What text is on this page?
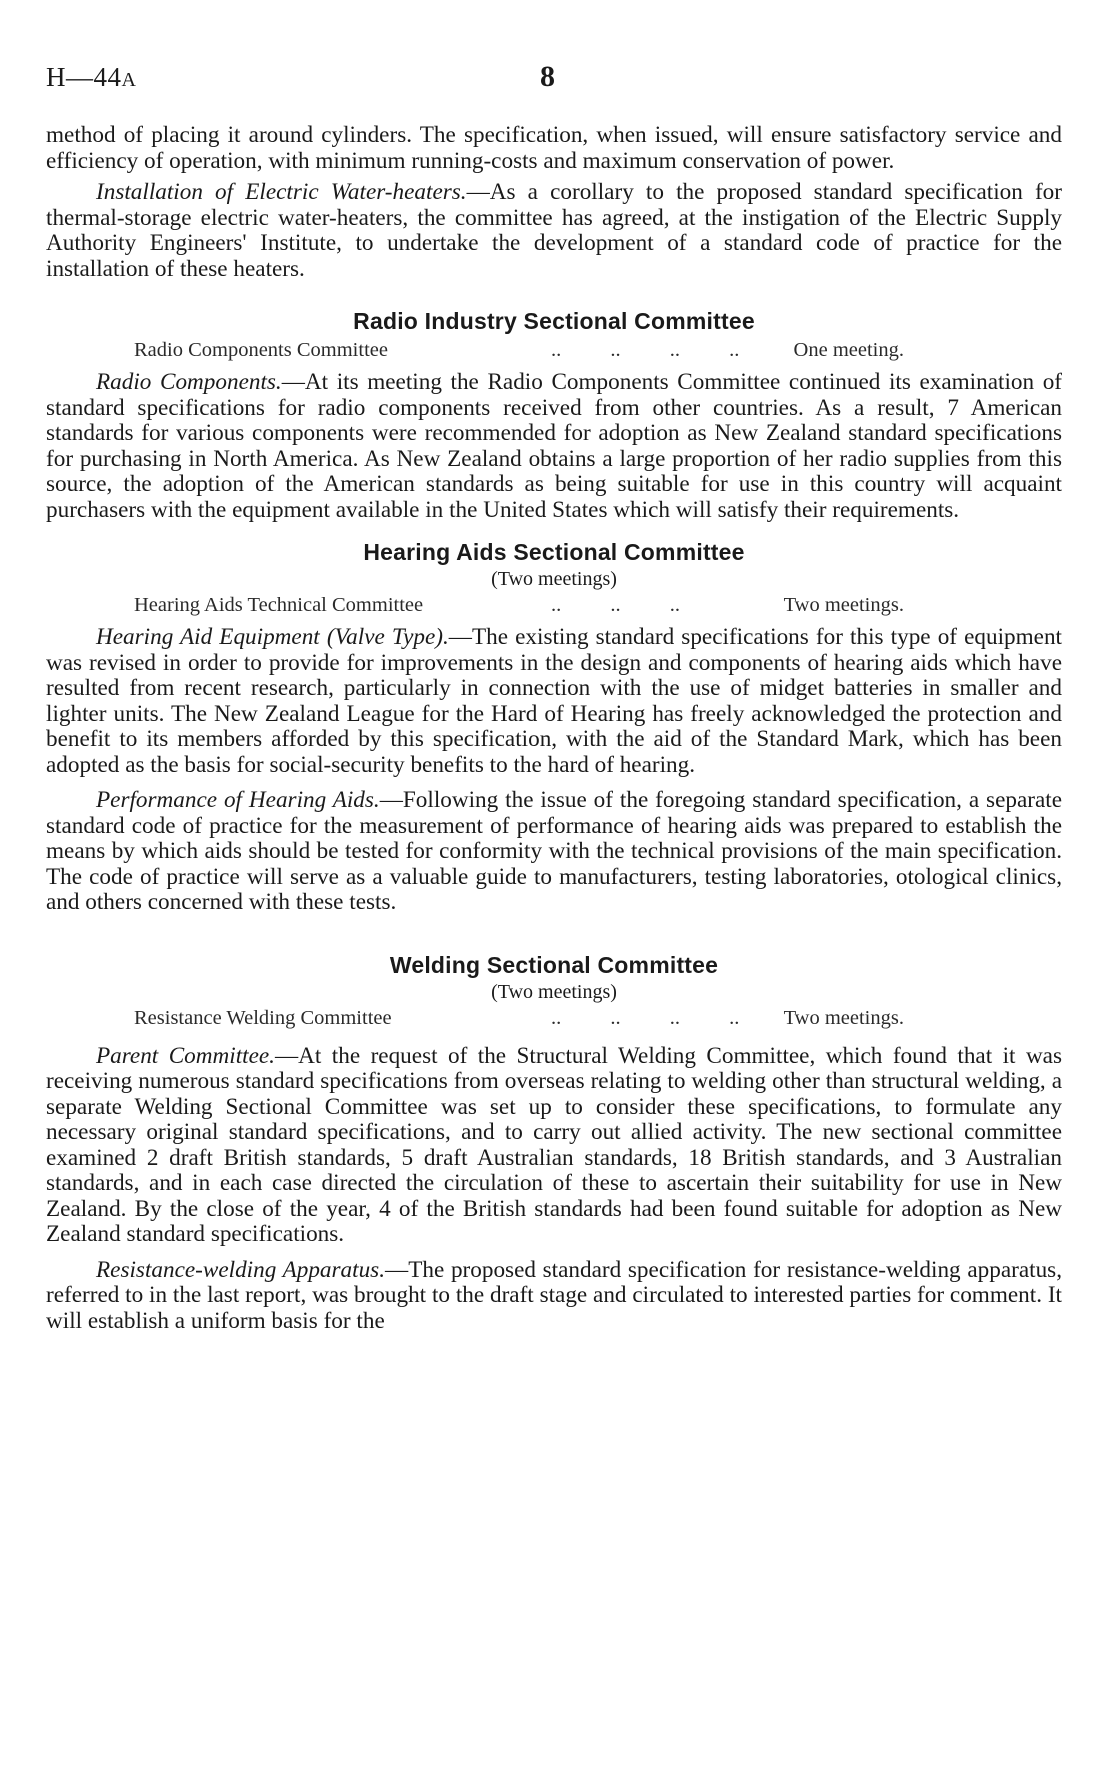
H—44A	8

method of placing it around cylinders. The specification, when issued, will ensure satisfactory service and efficiency of operation, with minimum running-costs and maximum conservation of power.

Installation of Electric Water-heaters.—As a corollary to the proposed standard specification for thermal-storage electric water-heaters, the committee has agreed, at the instigation of the Electric Supply Authority Engineers' Institute, to undertake the development of a standard code of practice for the installation of these heaters.

Radio Industry Sectional Committee
Radio Components Committee	.. .. .. ..	One meeting.

Radio Components.—At its meeting the Radio Components Committee continued its examination of standard specifications for radio components received from other countries. As a result, 7 American standards for various components were recommended for adoption as New Zealand standard specifications for purchasing in North America. As New Zealand obtains a large proportion of her radio supplies from this source, the adoption of the American standards as being suitable for use in this country will acquaint purchasers with the equipment available in the United States which will satisfy their requirements.

Hearing Aids Sectional Committee
(Two meetings)
Hearing Aids Technical Committee	.. .. ..	Two meetings.

Hearing Aid Equipment (Valve Type).—The existing standard specifications for this type of equipment was revised in order to provide for improvements in the design and components of hearing aids which have resulted from recent research, particularly in connection with the use of midget batteries in smaller and lighter units. The New Zealand League for the Hard of Hearing has freely acknowledged the protection and benefit to its members afforded by this specification, with the aid of the Standard Mark, which has been adopted as the basis for social-security benefits to the hard of hearing.

Performance of Hearing Aids.—Following the issue of the foregoing standard specification, a separate standard code of practice for the measurement of performance of hearing aids was prepared to establish the means by which aids should be tested for conformity with the technical provisions of the main specification. The code of practice will serve as a valuable guide to manufacturers, testing laboratories, otological clinics, and others concerned with these tests.

Welding Sectional Committee
(Two meetings)
Resistance Welding Committee	.. .. .. .. Two meetings.

Parent Committee.—At the request of the Structural Welding Committee, which found that it was receiving numerous standard specifications from overseas relating to welding other than structural welding, a separate Welding Sectional Committee was set up to consider these specifications, to formulate any necessary original standard specifications, and to carry out allied activity. The new sectional committee examined 2 draft British standards, 5 draft Australian standards, 18 British standards, and 3 Australian standards, and in each case directed the circulation of these to ascertain their suitability for use in New Zealand. By the close of the year, 4 of the British standards had been found suitable for adoption as New Zealand standard specifications.

Resistance-welding Apparatus.—The proposed standard specification for resistance-welding apparatus, referred to in the last report, was brought to the draft stage and circulated to interested parties for comment. It will establish a uniform basis for the
